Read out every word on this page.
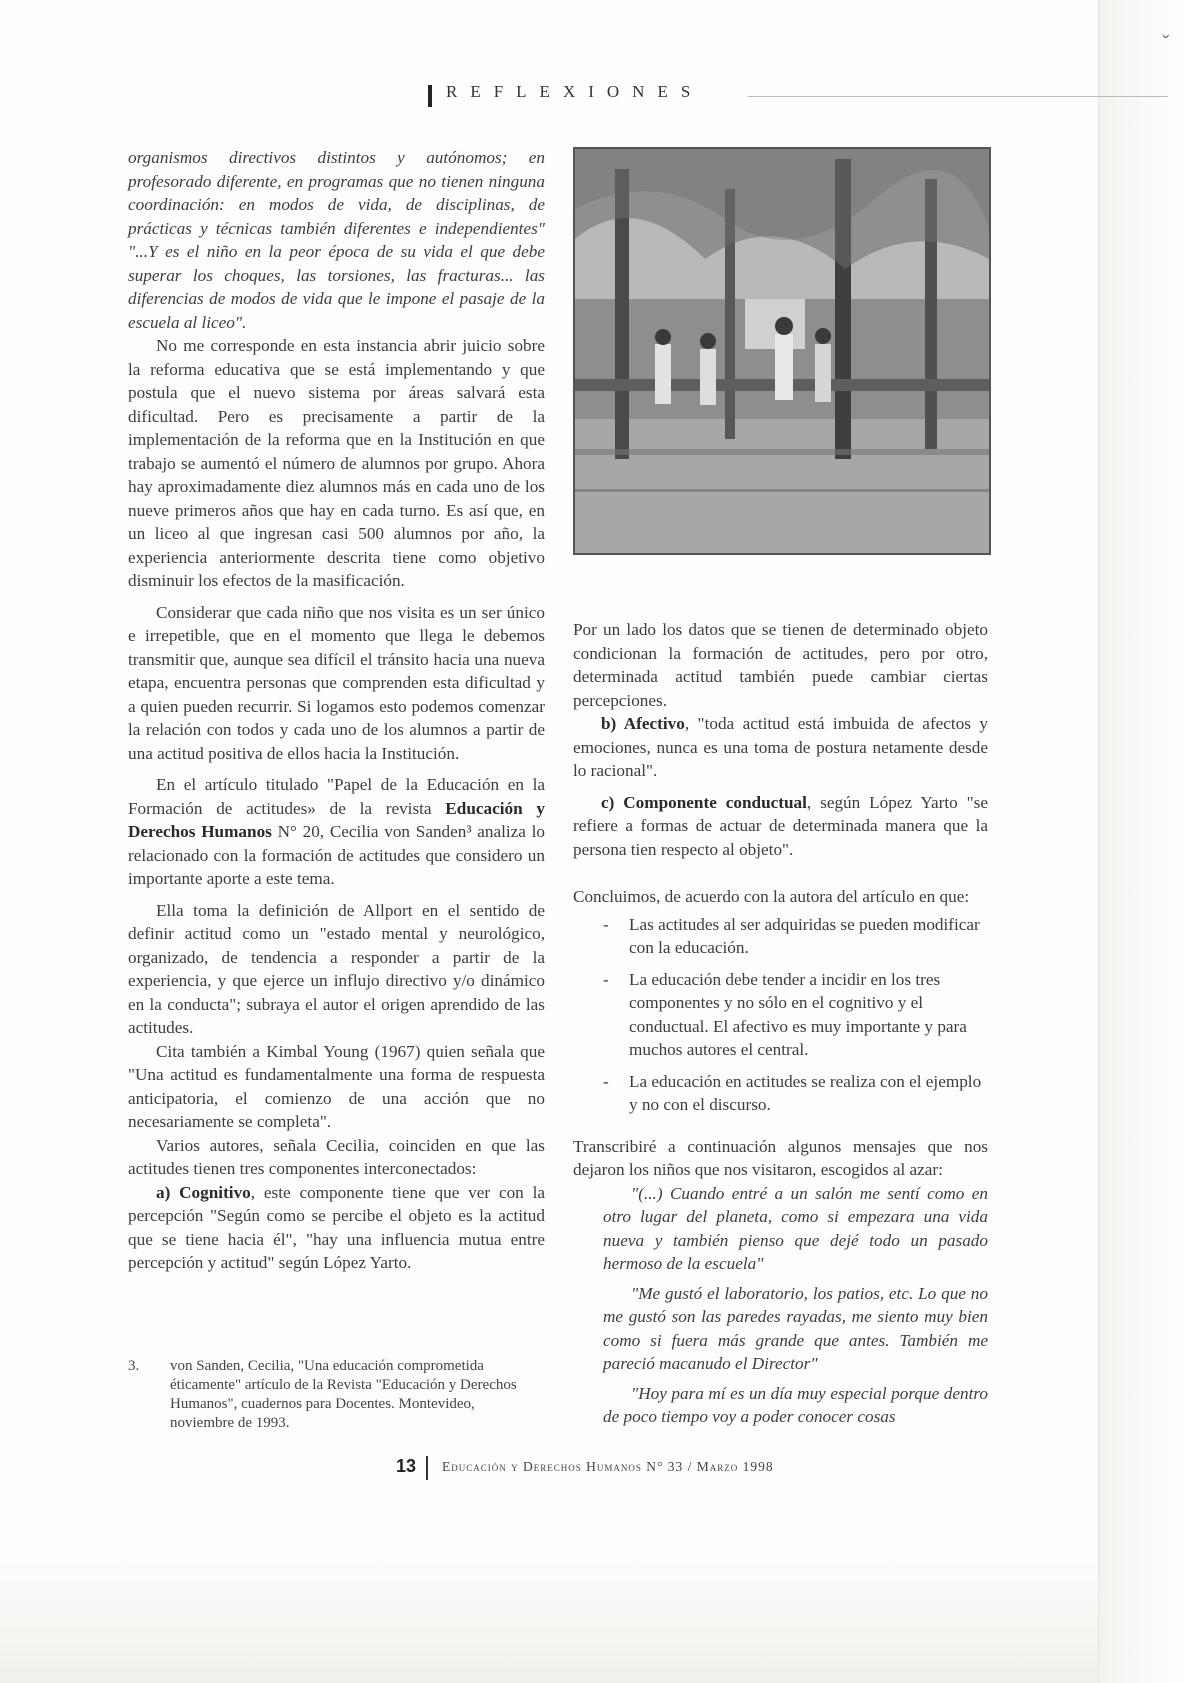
ˇ
REFLEXIONES

organismos directivos distintos y autónomos; en profesorado diferente, en programas que no tienen ninguna coordinación: en modos de vida, de disciplinas, de prácticas y técnicas también diferentes e independientes" "...Y es el niño en la peor época de su vida el que debe superar los choques, las torsiones, las fracturas... las diferencias de modos de vida que le impone el pasaje de la escuela al liceo".

No me corresponde en esta instancia abrir juicio sobre la reforma educativa que se está implementando y que postula que el nuevo sistema por áreas salvará esta dificultad. Pero es precisamente a partir de la implementación de la reforma que en la Institución en que trabajo se aumentó el número de alumnos por grupo. Ahora hay aproximadamente diez alumnos más en cada uno de los nueve primeros años que hay en cada turno. Es así que, en un liceo al que ingresan casi 500 alumnos por año, la experiencia anteriormente descrita tiene como objetivo disminuir los efectos de la masificación.

Considerar que cada niño que nos visita es un ser único e irrepetible, que en el momento que llega le debemos transmitir que, aunque sea difícil el tránsito hacia una nueva etapa, encuentra personas que comprenden esta dificultad y a quien pueden recurrir. Si logamos esto podemos comenzar la relación con todos y cada uno de los alumnos a partir de una actitud positiva de ellos hacia la Institución.

En el artículo titulado "Papel de la Educación en la Formación de actitudes» de la revista Educación y Derechos Humanos N° 20, Cecilia von Sanden³ analiza lo relacionado con la formación de actitudes que considero un importante aporte a este tema.

Ella toma la definición de Allport en el sentido de definir actitud como un "estado mental y neurológico, organizado, de tendencia a responder a partir de la experiencia, y que ejerce un influjo directivo y/o dinámico en la conducta"; subraya el autor el origen aprendido de las actitudes.

Cita también a Kimbal Young (1967) quien señala que "Una actitud es fundamentalmente una forma de respuesta anticipatoria, el comienzo de una acción que no necesariamente se completa".

Varios autores, señala Cecilia, coinciden en que las actitudes tienen tres componentes interconectados:

a) Cognitivo, este componente tiene que ver con la percepción "Según como se percibe el objeto es la actitud que se tiene hacia él", "hay una influencia mutua entre percepción y actitud" según López Yarto.

Por un lado los datos que se tienen de determinado objeto condicionan la formación de actitudes, pero por otro, determinada actitud también puede cambiar ciertas percepciones.

b) Afectivo, "toda actitud está imbuida de afectos y emociones, nunca es una toma de postura netamente desde lo racional".

c) Componente conductual, según López Yarto "se refiere a formas de actuar de determinada manera que la persona tien respecto al objeto".

Concluimos, de acuerdo con la autora del artículo en que:

- Las actitudes al ser adquiridas se pueden modificar con la educación.
- La educación debe tender a incidir en los tres componentes y no sólo en el cognitivo y el conductual. El afectivo es muy importante y para muchos autores el central.
- La educación en actitudes se realiza con el ejemplo y no con el discurso.

Transcribiré a continuación algunos mensajes que nos dejaron los niños que nos visitaron, escogidos al azar:

"(...) Cuando entré a un salón me sentí como en otro lugar del planeta, como si empezara una vida nueva y también pienso que dejé todo un pasado hermoso de la escuela"

"Me gustó el laboratorio, los patios, etc. Lo que no me gustó son las paredes rayadas, me siento muy bien como si fuera más grande que antes. También me pareció macanudo el Director"

"Hoy para mí es un día muy especial porque dentro de poco tiempo voy a poder conocer cosas

3. von Sanden, Cecilia, "Una educación comprometida éticamente" artículo de la Revista "Educación y Derechos Humanos", cuadernos para Docentes. Montevideo, noviembre de 1993.
13 Educación y Derechos Humanos N° 33 / Marzo 1998
